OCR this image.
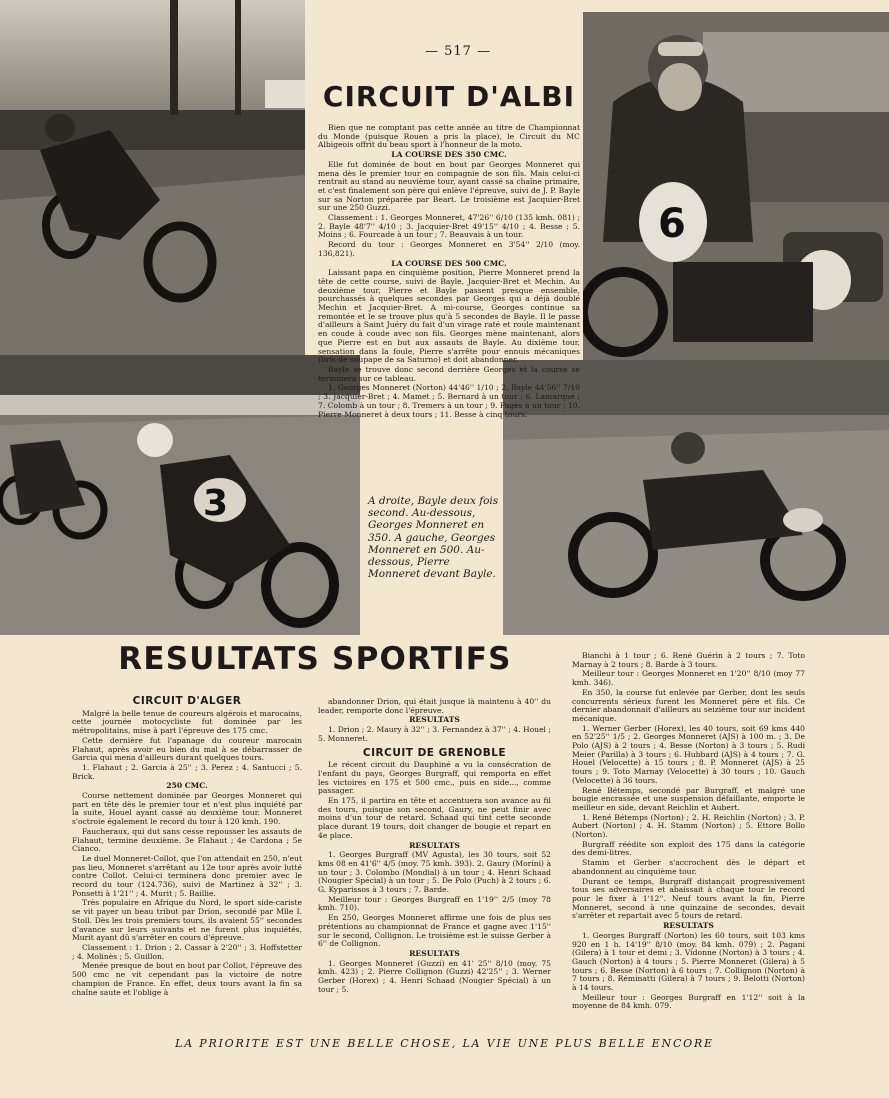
6
3
— 517 —
CIRCUIT D'ALBI

Bien que ne comptant pas cette année au titre de Championnat du Monde (puisque Rouen a pris la place), le Circuit du MC Albigeois offrit du beau sport à l'honneur de la moto.

LA COURSE DES 350 CMC.

Elle fut dominée de bout en bout par Georges Monneret qui mena dès le premier tour en compagnie de son fils. Mais celui-ci rentrait au stand au neuvième tour, ayant cassé sa chaîne primaire, et c'est finalement son père qui enlève l'épreuve, suivi de J. P. Bayle sur sa Norton préparée par Beart. Le troisième est Jacquier-Bret sur une 250 Guzzi.

Classement : 1. Georges Monneret, 47'26'' 6/10 (135 kmh. 081) ; 2. Bayle 48'7'' 4/10 ; 3. Jacquier-Bret 49'15'' 4/10 ; 4. Besse ; 5. Moins ; 6. Fourcade à un tour ; 7. Beauvais à un tour.

Record du tour : Georges Monneret en 3'54'' 2/10 (moy. 136,821).

LA COURSE DES 500 CMC.

Laissant papa en cinquième position, Pierre Monneret prend la tête de cette course, suivi de Bayle, Jacquier-Bret et Mechin. Au deuxième tour, Pierre et Bayle passent presque ensemble, pourchassés à quelques secondes par Georges qui a déjà doublé Mechin et Jacquier-Bret. A mi-course, Georges continue sa remontée et le se trouve plus qu'à 5 secondes de Bayle. Il le passe d'ailleurs à Saint Juéry du fait d'un virage raté et roule maintenant en coude à coude avec son fils. Georges mène maintenant, alors que Pierre est en but aux assauts de Bayle. Au dixième tour, sensation dans la foule, Pierre s'arrête pour ennuis mécaniques (bris de soupape de sa Saturno) et doit abandonner.

Bayle se trouve donc second derrière Georges et la course se terminera sur ce tableau.

1. Georges Monneret (Norton) 44'46'' 1/10 ; 2. Bayle 44'56'' 7/10 ; 3. Jacquier-Bret ; 4. Mamet ; 5. Bernard à un tour ; 6. Lamarque ; 7. Colomb à un tour ; 8. Tremers à un tour ; 9. Pagès à un tour ; 10. Pierre Monneret à deux tours ; 11. Besse à cinq tours.

A droite, Bayle deux fois second. Au-dessous, Georges Monneret en 350. A gauche, Georges Monneret en 500. Au-dessous, Pierre Monneret devant Bayle.

RESULTATS SPORTIFS

CIRCUIT D'ALGER

Malgré la belle tenue de coureurs algérois et marocains, cette journée motocycliste fut dominée par les métropolitains, mise à part l'épreuve des 175 cmc.

Cette dernière fut l'apanage du coureur marocain Flahaut, après avoir eu bien du mal à se débarrasser de Garcia qui mena d'ailleurs durant quelques tours.

1. Flahaut ; 2. Garcia à 25'' ; 3. Perez ; 4. Santucci ; 5. Brick.

250 CMC.

Course nettement dominée par Georges Monneret qui part en tête dès le premier tour et n'est plus inquiété par la suite, Houel ayant cassé au deuxième tour. Monneret s'octroie également le record du tour à 120 kmh. 190.

Faucheraux, qui dut sans cesse repousser les assauts de Flahaut, termine deuxième. 3e Flahaut ; 4e Cardona ; 5e Cianco.

Le duel Monneret-Collot, que l'on attendait en 250, n'eut pas lieu, Monneret s'arrêtant au 12e tour après avoir lutté contre Collot. Celui-ci terminera donc premier avec le record du tour (124.736), suivi de Martinez à 32'' ; 3. Ponsetti à 1'21'' ; 4. Murit ; 5. Baillie.

Très populaire en Afrique du Nord, le sport side-cariste se vit payer un beau tribut par Drion, secondé par Mlle I. Stoll. Dès les trois premiers tours, ils avaient 55'' secondes d'avance sur leurs suivants et ne furent plus inquiétés, Murit ayant dû s'arrêter en cours d'épreuve.

Classement : 1. Drion ; 2. Cassar à 2'20'' ; 3. Hoffstetter ; 4. Molinès ; 5. Guillon.

Menée presque de bout en bout par Collot, l'épreuve des 500 cmc ne vit cependant pas la victoire de notre champion de France. En effet, deux tours avant la fin sa chaîne saute et l'oblige à

abandonner Drion, qui était jusque là maintenu à 40'' du leader, remporte donc l'épreuve.

RESULTATS

1. Drion ; 2. Maury à 32'' ; 3. Fernandez à 37'' ; 4. Houel ; 5. Monneret.

CIRCUIT DE GRENOBLE

Le récent circuit du Dauphiné a vu la consécration de l'enfant du pays, Georges Burgraff, qui remporta en effet les victoires en 175 et 500 cmc., puis en side..., comme passager.

En 175, il partira en tête et accentuera son avance au fil des tours, puisque son second, Gaury, ne peut finir avec moins d'un tour de retard. Schaad qui tint cette seconde place durant 19 tours, doit changer de bougie et repart en 4e place.

RESULTATS

1. Georges Burgraff (MV Agusta), les 30 tours, soit 52 kms 08 en 41'6'' 4/5 (moy. 75 kmh. 393). 2. Gaury (Morini) à un tour ; 3. Colombo (Mondial) à un tour ; 4. Henri Schaad (Nougier Spécial) à un tour ; 5. De Polo (Puch) à 2 tours ; 6. G. Kyparissos à 3 tours ; 7. Barde.

Meilleur tour : Georges Burgraff en 1'19'' 2/5 (moy 78 kmh. 710).

En 250, Georges Monneret affirme une fois de plus ses prétentions au championnat de France et gagne avec 1'15'' sur le second, Collignon. Le troisième est le suisse Gerber à 6'' de Collignon.

RESULTATS

1. Georges Monneret (Guzzi) en 41' 25'' 8/10 (moy. 75 kmh. 423) ; 2. Pierre Collignon (Guzzi) 42'25'' ; 3. Werner Gerber (Horex) ; 4. Henri Schaad (Nougier Spécial) à un tour ; 5.

Bianchi à 1 tour ; 6. René Guérin à 2 tours ; 7. Toto Marnay à 2 tours ; 8. Barde à 3 tours.

Meilleur tour : Georges Monneret en 1'20'' 8/10 (moy 77 kmh. 346).

En 350, la course fut enlevée par Gerber, dont les seuls concurrents sérieux furent les Monneret père et fils. Ce dernier abandonnait d'ailleurs au seizième tour sur incident mécanique.

1. Werner Gerber (Horex), les 40 tours, soit 69 kms 440 en 52'25'' 1/5 ; 2. Georges Monneret (AJS) à 100 m. ; 3. De Polo (AJS) à 2 tours ; 4. Besse (Norton) à 3 tours ; 5. Rudi Meier (Parilla) à 3 tours ; 6. Hubbard (AJS) à 4 tours ; 7. G. Houel (Velocette) à 15 tours ; 8. P. Monneret (AJS) à 25 tours ; 9. Toto Marnay (Velocette) à 30 tours ; 10. Gauch (Velocette) à 36 tours.

René Bétemps, secondé par Burgraff, et malgré une bougie encrassée et une suspension défaillante, emporte le meilleur en side, devant Reichlin et Aubert.

1. René Bétemps (Norton) ; 2. H. Reichlin (Norton) ; 3. P. Aubert (Norton) ; 4. H. Stamm (Norton) ; 5. Ettore Bollo (Norton).

Burgraff réédite son exploit des 175 dans la catégorie des demi-litres.

Stamm et Gerber s'accrochent dès le départ et abandonnent au cinquième tour.

Durant ce temps, Burgraff distançait progressivement tous ses adversaires et abaissait à chaque tour le record pour le fixer à 1'12''. Neuf tours avant la fin, Pierre Monneret, second à une quinzaine de secondes, devait s'arrêter et repartait avec 5 tours de retard.

RESULTATS

1. Georges Burgraff (Norton) les 60 tours, soit 103 kms 920 en 1 h. 14'19'' 8/10 (moy. 84 kmh. 079) ; 2. Pagani (Gilera) à 1 tour et demi ; 3. Vidonne (Norton) à 3 tours ; 4. Gauch (Norton) à 4 tours ; 5. Pierre Monneret (Gilera) à 5 tours ; 6. Besse (Norton) à 6 tours ; 7. Collignon (Norton) à 7 tours ; 8. Réminatti (Gilera) à 7 tours ; 9. Belotti (Norton) à 14 tours.

Meilleur tour : Georges Burgraff en 1'12'' soit à la moyenne de 84 kmh. 079.

LA PRIORITE EST UNE BELLE CHOSE, LA VIE UNE PLUS BELLE ENCORE
